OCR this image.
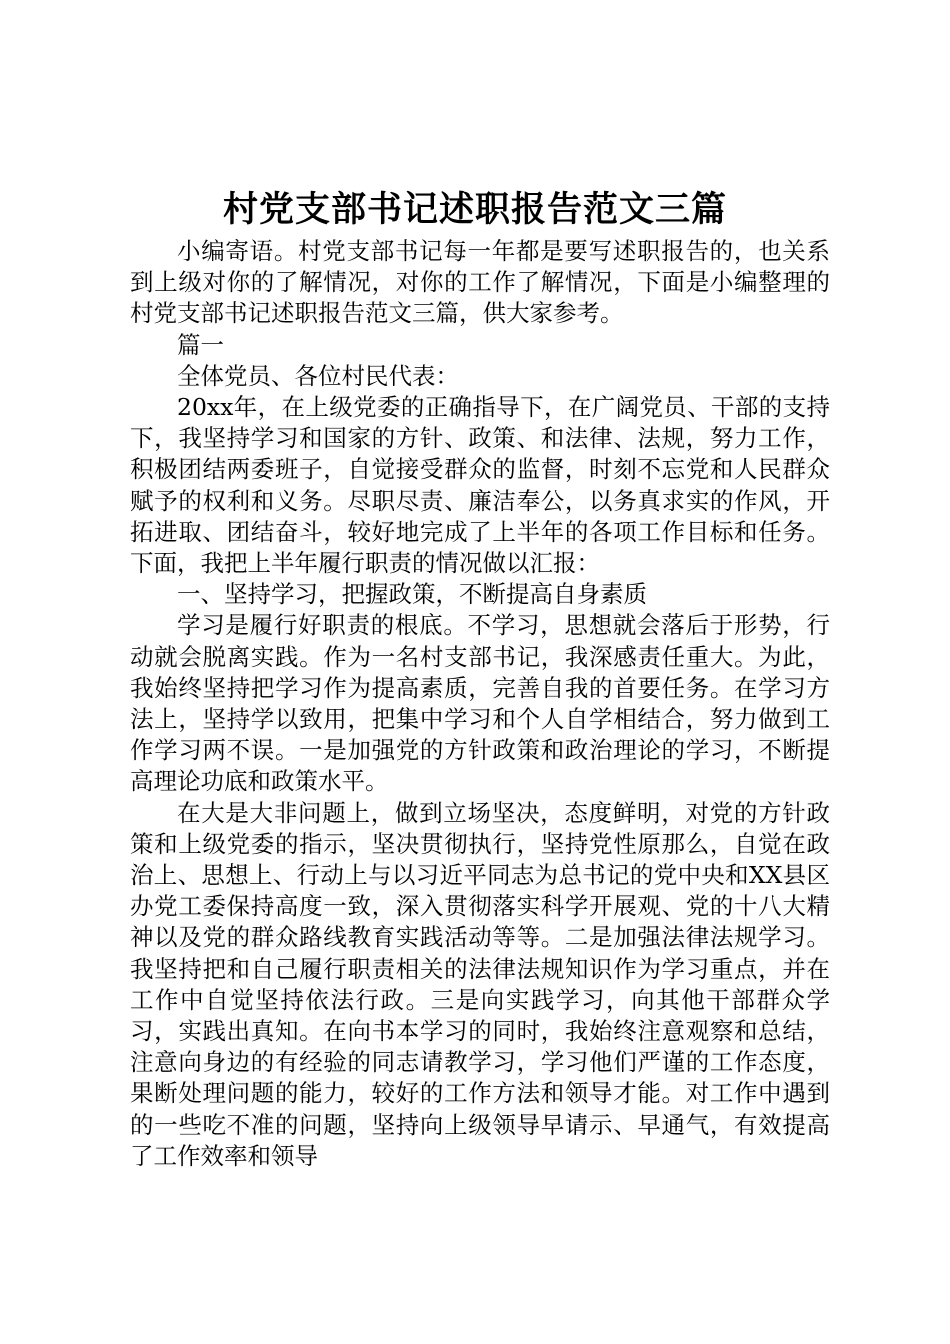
村党支部书记述职报告范文三篇

小编寄语。村党支部书记每一年都是要写述职报告的，也关系到上级对你的了解情况，对你的工作了解情况，下面是小编整理的村党支部书记述职报告范文三篇，供大家参考。

篇一

全体党员、各位村民代表：

20xx年，在上级党委的正确指导下，在广阔党员、干部的支持下，我坚持学习和国家的方针、政策、和法律、法规，努力工作，积极团结两委班子，自觉接受群众的监督，时刻不忘党和人民群众赋予的权利和义务。尽职尽责、廉洁奉公，以务真求实的作风，开拓进取、团结奋斗，较好地完成了上半年的各项工作目标和任务。下面，我把上半年履行职责的情况做以汇报：

一、坚持学习，把握政策，不断提高自身素质

学习是履行好职责的根底。不学习，思想就会落后于形势，行动就会脱离实践。作为一名村支部书记，我深感责任重大。为此，我始终坚持把学习作为提高素质，完善自我的首要任务。在学习方法上，坚持学以致用，把集中学习和个人自学相结合，努力做到工作学习两不误。一是加强党的方针政策和政治理论的学习，不断提高理论功底和政策水平。

在大是大非问题上，做到立场坚决，态度鲜明，对党的方针政策和上级党委的指示，坚决贯彻执行，坚持党性原那么，自觉在政治上、思想上、行动上与以习近平同志为总书记的党中央和XX县区办党工委保持高度一致，深入贯彻落实科学开展观、党的十八大精神以及党的群众路线教育实践活动等等。二是加强法律法规学习。我坚持把和自己履行职责相关的法律法规知识作为学习重点，并在工作中自觉坚持依法行政。三是向实践学习，向其他干部群众学习，实践出真知。在向书本学习的同时，我始终注意观察和总结，注意向身边的有经验的同志请教学习，学习他们严谨的工作态度，果断处理问题的能力，较好的工作方法和领导才能。对工作中遇到的一些吃不准的问题，坚持向上级领导早请示、早通气，有效提高了工作效率和领导
